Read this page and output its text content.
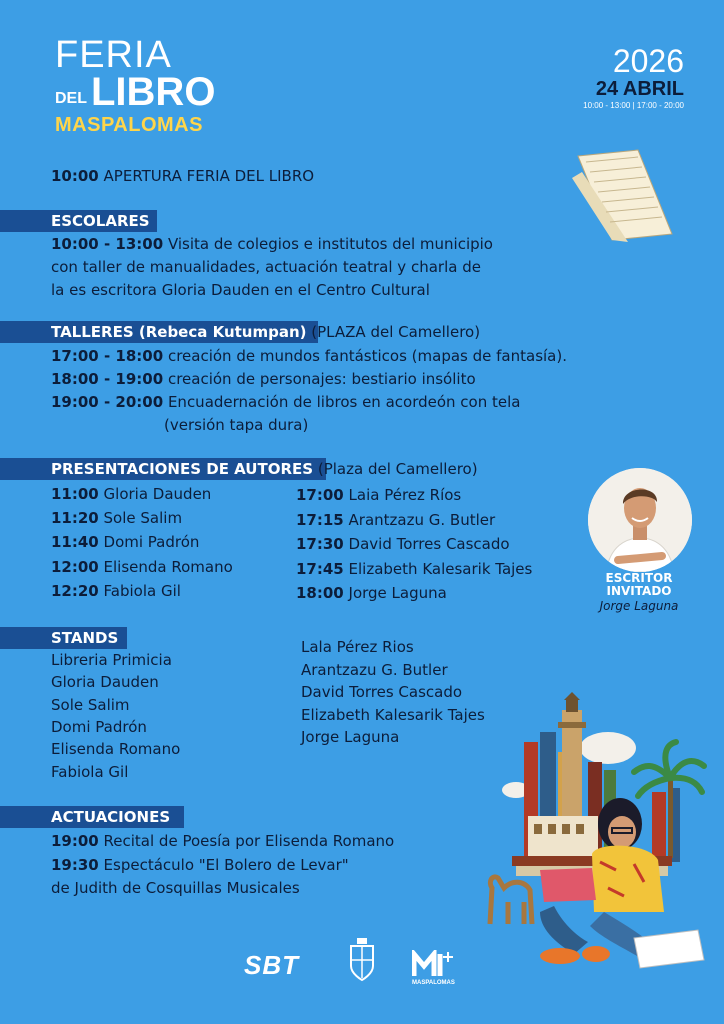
FERIA
DEL LIBRO
MASPALOMAS
2026
24 ABRIL
10:00 - 13:00 | 17:00 - 20:00
10:00 APERTURA FERIA DEL LIBRO
ESCOLARES
10:00 - 13:00 Visita de colegios e institutos del municipio
con taller de manualidades, actuación teatral y charla de
la es escritora Gloria Dauden en el Centro Cultural
TALLERES (Rebeca Kutumpan) (PLAZA del Camellero)
17:00 - 18:00 creación de mundos fantásticos (mapas de fantasía).
18:00 - 19:00 creación de personajes: bestiario insólito
19:00 - 20:00 Encuadernación de libros en acordeón con tela
(versión tapa dura)
PRESENTACIONES DE AUTORES (Plaza del Camellero)
11:00 Gloria Dauden
11:20 Sole Salim
11:40 Domi Padrón
12:00 Elisenda Romano
12:20 Fabiola Gil
17:00 Laia Pérez Ríos
17:15 Arantzazu G. Butler
17:30 David Torres Cascado
17:45 Elizabeth Kalesarik Tajes
18:00 Jorge Laguna
ESCRITOR
INVITADO
Jorge Laguna
STANDS
Libreria Primicia
Gloria Dauden
Sole Salim
Domi Padrón
Elisenda Romano
Fabiola Gil
Lala Pérez Rios
Arantzazu G. Butler
David Torres Cascado
Elizabeth Kalesarik Tajes
Jorge Laguna
ACTUACIONES
19:00 Recital de Poesía por Elisenda Romano
19:30 Espectáculo "El Bolero de Levar"
de Judith de Cosquillas Musicales
SBT
MASPALOMAS
